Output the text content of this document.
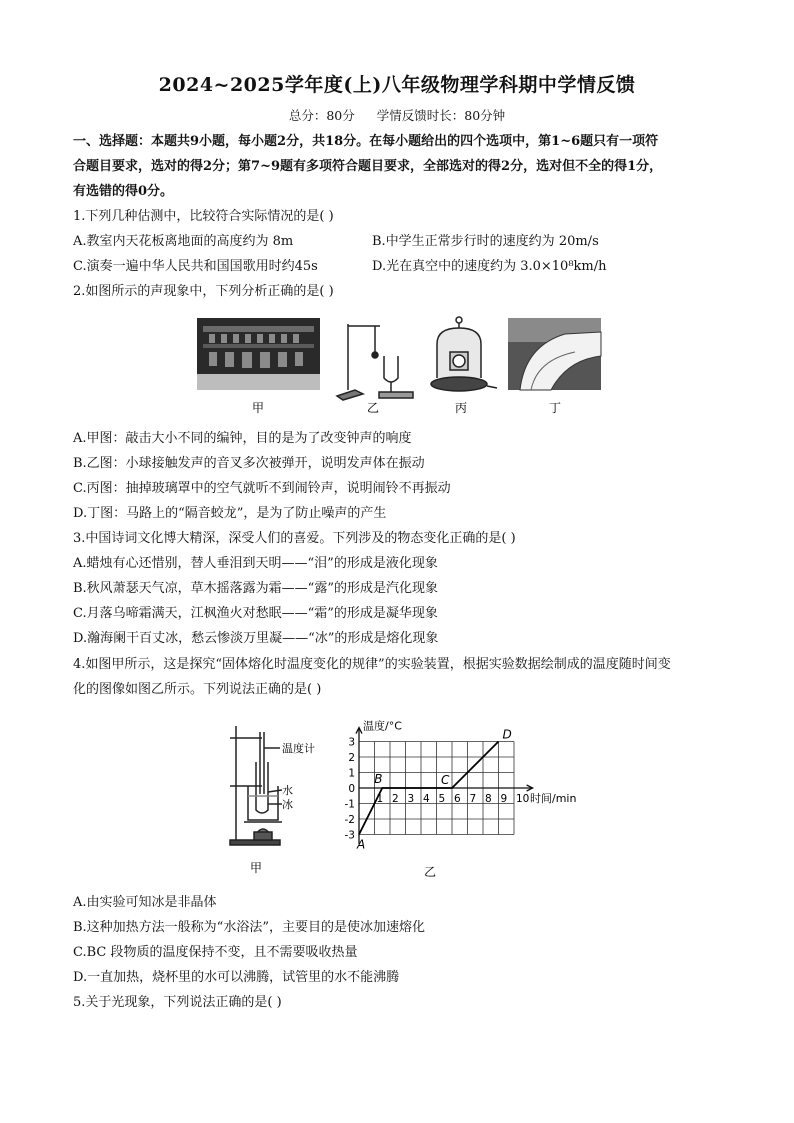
2024~2025学年度(上)八年级物理学科期中学情反馈
总分：80分 学情反馈时长：80分钟
一、选择题：本题共9小题，每小题2分，共18分。在每小题给出的四个选项中，第1~6题只有一项符
合题目要求，选对的得2分；第7~9题有多项符合题目要求，全部选对的得2分，选对但不全的得1分，
有选错的得0分。
1.下列几种估测中，比较符合实际情况的是( )
A.教室内天花板离地面的高度约为 8m	B.中学生正常步行时的速度约为 20m/s
C.演奏一遍中华人民共和国国歌用时约45s	D.光在真空中的速度约为 3.0×10⁸km/h
2.如图所示的声现象中，下列分析正确的是( )
甲	乙	丙	丁
A.甲图：敲击大小不同的编钟，目的是为了改变钟声的响度
B.乙图：小球接触发声的音叉多次被弹开，说明发声体在振动
C.丙图：抽掉玻璃罩中的空气就听不到闹铃声，说明闹铃不再振动
D.丁图：马路上的“隔音蛟龙”，是为了防止噪声的产生
3.中国诗词文化博大精深，深受人们的喜爱。下列涉及的物态变化正确的是( )
A.蜡烛有心还惜别，替人垂泪到天明——“泪”的形成是液化现象
B.秋风萧瑟天气凉，草木摇落露为霜——“露”的形成是汽化现象
C.月落乌啼霜满天，江枫渔火对愁眠——“霜”的形成是凝华现象
D.瀚海阑干百丈冰，愁云惨淡万里凝——“冰”的形成是熔化现象
4.如图甲所示，这是探究“固体熔化时温度变化的规律”的实验装置，根据实验数据绘制成的温度随时间变
化的图像如图乙所示。下列说法正确的是( )
温度计
水
冰
甲
温度/°C
3
2
1
0
-1
-2
-3
1 2 3 4 5 6 7 8 9 10 时间/min
A
B	C
D
乙
A.由实验可知冰是非晶体
B.这种加热方法一般称为“水浴法”，主要目的是使冰加速熔化
C.BC 段物质的温度保持不变，且不需要吸收热量
D.一直加热，烧杯里的水可以沸腾，试管里的水不能沸腾
5.关于光现象，下列说法正确的是( )
